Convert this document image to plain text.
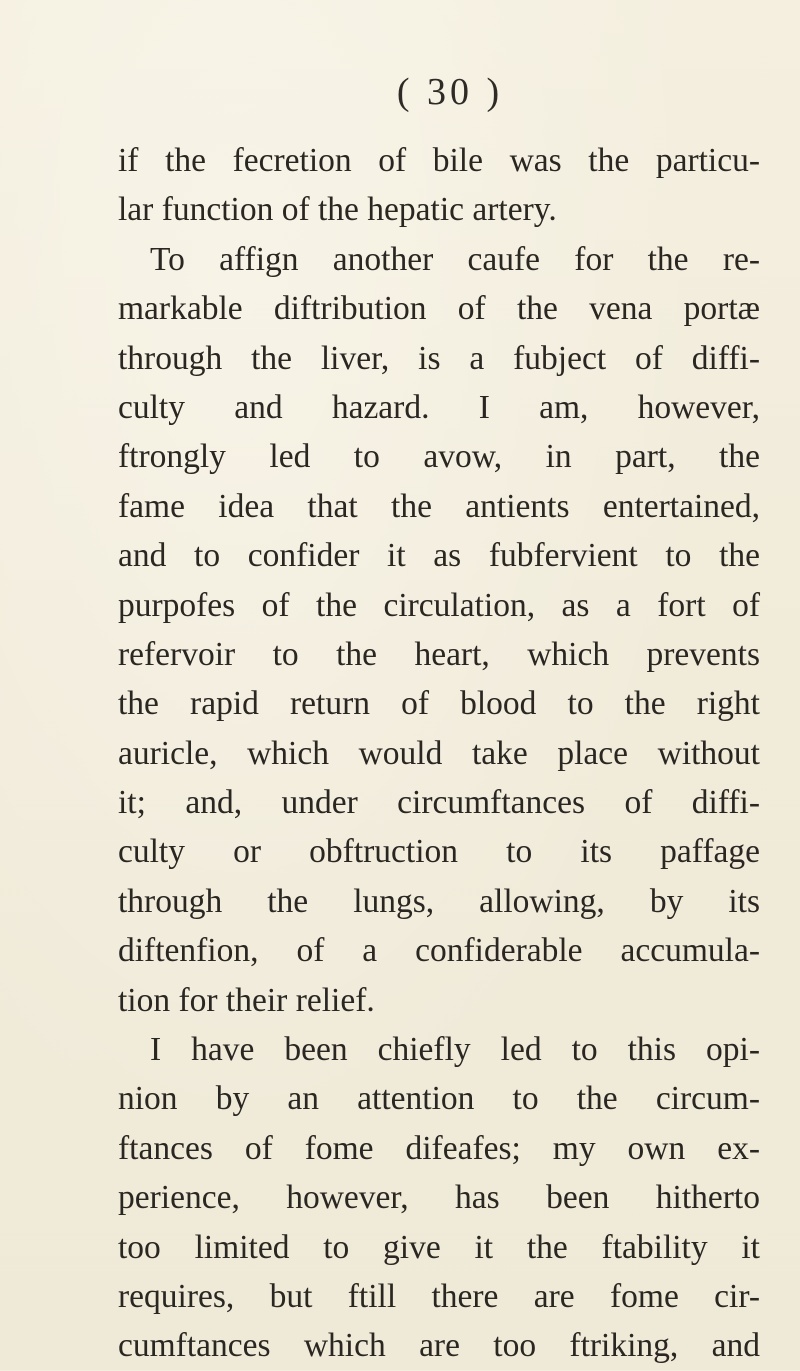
( 30 )
if the fecretion of bile was the particu-
lar function of the hepatic artery.
To affign another caufe for the re-
markable diftribution of the vena portæ
through the liver, is a fubject of diffi-
culty and hazard. I am, however,
ftrongly led to avow, in part, the
fame idea that the antients entertained,
and to confider it as fubfervient to the
purpofes of the circulation, as a fort of
refervoir to the heart, which prevents
the rapid return of blood to the right
auricle, which would take place without
it; and, under circumftances of diffi-
culty or obftruction to its paffage
through the lungs, allowing, by its
diftenfion, of a confiderable accumula-
tion for their relief.
I have been chiefly led to this opi-
nion by an attention to the circum-
ftances of fome difeafes; my own ex-
perience, however, has been hitherto
too limited to give it the ftability it
requires, but ftill there are fome cir-
cumftances which are too ftriking, and
